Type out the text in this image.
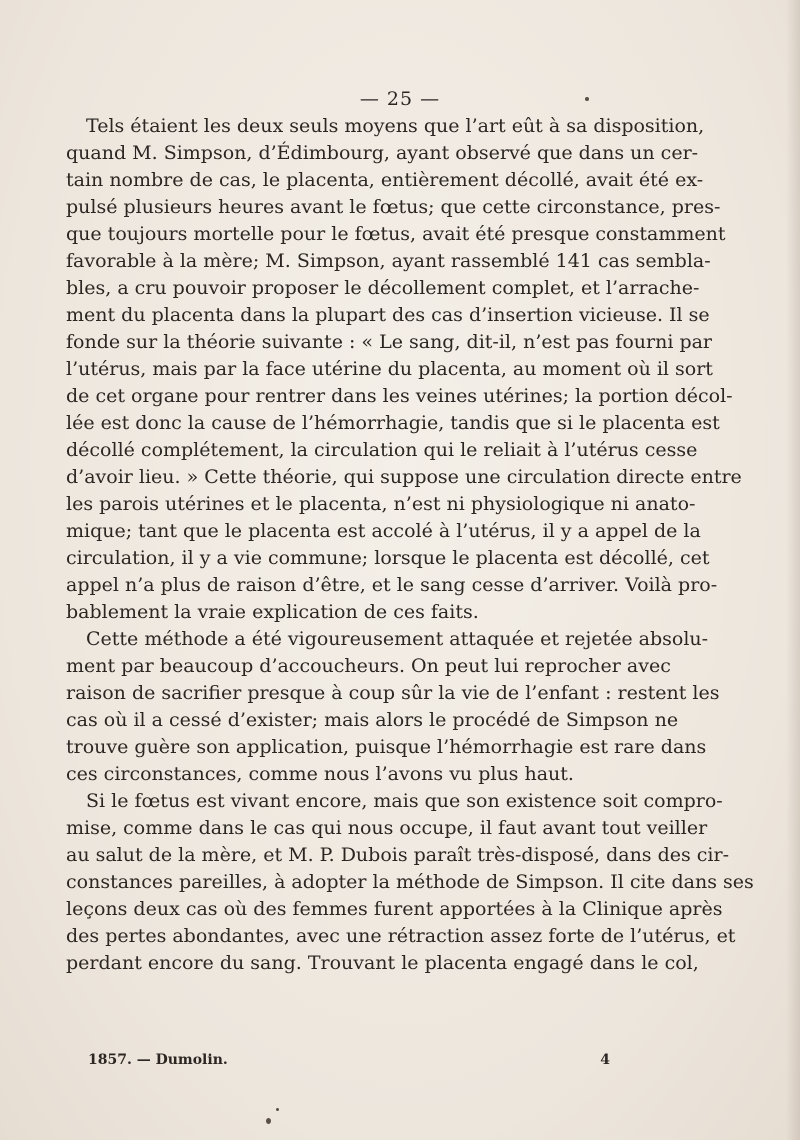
— 25 —

Tels étaient les deux seuls moyens que l’art eût à sa disposition,
quand M. Simpson, d’Édimbourg, ayant observé que dans un cer-
tain nombre de cas, le placenta, entièrement décollé, avait été ex-
pulsé plusieurs heures avant le fœtus; que cette circonstance, pres-
que toujours mortelle pour le fœtus, avait été presque constamment
favorable à la mère; M. Simpson, ayant rassemblé 141 cas sembla-
bles, a cru pouvoir proposer le décollement complet, et l’arrache-
ment du placenta dans la plupart des cas d’insertion vicieuse. Il se
fonde sur la théorie suivante : « Le sang, dit-il, n’est pas fourni par
l’utérus, mais par la face utérine du placenta, au moment où il sort
de cet organe pour rentrer dans les veines utérines; la portion décol-
lée est donc la cause de l’hémorrhagie, tandis que si le placenta est
décollé complétement, la circulation qui le reliait à l’utérus cesse
d’avoir lieu. » Cette théorie, qui suppose une circulation directe entre
les parois utérines et le placenta, n’est ni physiologique ni anato-
mique; tant que le placenta est accolé à l’utérus, il y a appel de la
circulation, il y a vie commune; lorsque le placenta est décollé, cet
appel n’a plus de raison d’être, et le sang cesse d’arriver. Voilà pro-
bablement la vraie explication de ces faits.

Cette méthode a été vigoureusement attaquée et rejetée absolu-
ment par beaucoup d’accoucheurs. On peut lui reprocher avec
raison de sacrifier presque à coup sûr la vie de l’enfant : restent les
cas où il a cessé d’exister; mais alors le procédé de Simpson ne
trouve guère son application, puisque l’hémorrhagie est rare dans
ces circonstances, comme nous l’avons vu plus haut.

Si le fœtus est vivant encore, mais que son existence soit compro-
mise, comme dans le cas qui nous occupe, il faut avant tout veiller
au salut de la mère, et M. P. Dubois paraît très-disposé, dans des cir-
constances pareilles, à adopter la méthode de Simpson. Il cite dans ses
leçons deux cas où des femmes furent apportées à la Clinique après
des pertes abondantes, avec une rétraction assez forte de l’utérus, et
perdant encore du sang. Trouvant le placenta engagé dans le col,

1857. — Dumolin.	4
